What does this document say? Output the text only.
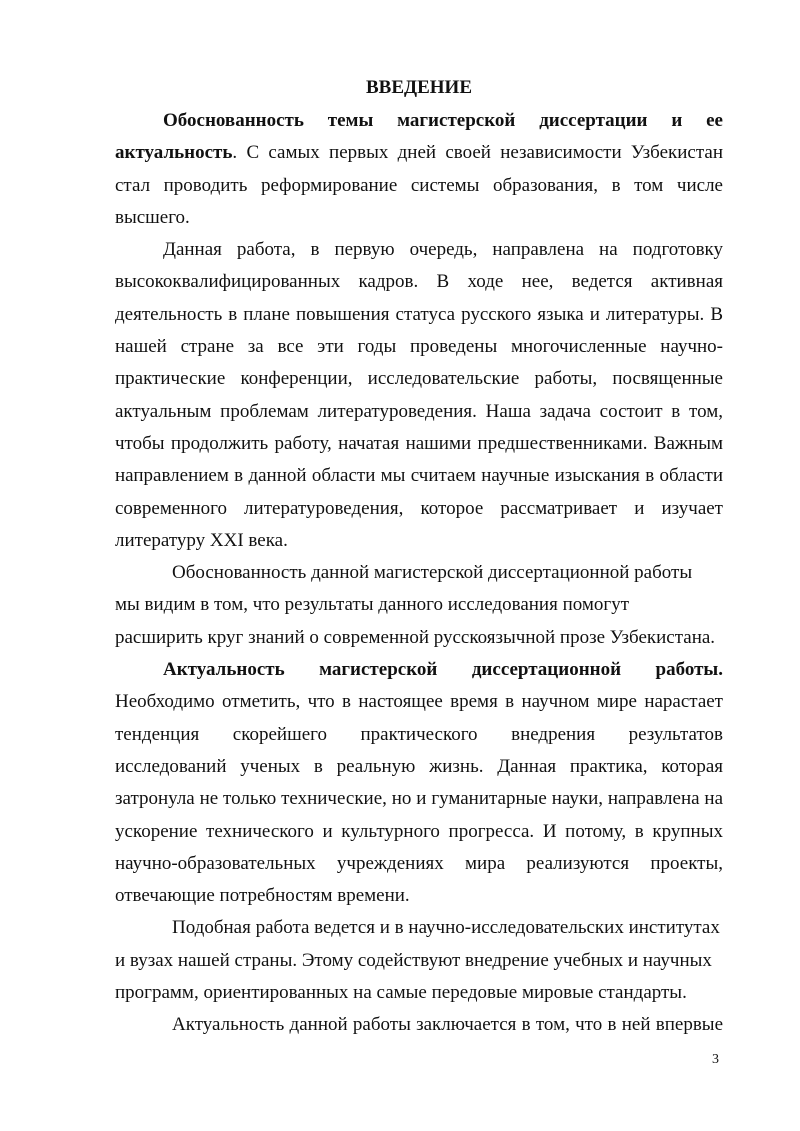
ВВЕДЕНИЕ

Обоснованность темы магистерской диссертации и ее актуальность. С самых первых дней своей независимости Узбекистан стал проводить реформирование системы образования, в том числе высшего.

Данная работа, в первую очередь, направлена на подготовку высококвалифицированных кадров. В ходе нее, ведется активная деятельность в плане повышения статуса русского языка и литературы. В нашей стране за все эти годы проведены многочисленные научно-практические конференции, исследовательские работы, посвященные актуальным проблемам литературоведения. Наша задача состоит в том, чтобы продолжить работу, начатая нашими предшественниками. Важным направлением в данной области мы считаем научные изыскания в области современного литературоведения, которое рассматривает и изучает литературу XXI века.

Обоснованность данной магистерской диссертационной работы мы видим в том, что результаты данного исследования помогут расширить круг знаний о современной русскоязычной прозе Узбекистана.

Актуальность магистерской диссертационной работы. Необходимо отметить, что в настоящее время в научном мире нарастает тенденция скорейшего практического внедрения результатов исследований ученых в реальную жизнь. Данная практика, которая затронула не только технические, но и гуманитарные науки, направлена на ускорение технического и культурного прогресса. И потому, в крупных научно-образовательных учреждениях мира реализуются проекты, отвечающие потребностям времени.

Подобная работа ведется и в научно-исследовательских институтах и вузах нашей страны. Этому содействуют внедрение учебных и научных программ, ориентированных на самые передовые мировые стандарты.

Актуальность данной работы заключается в том, что в ней впервые

3
